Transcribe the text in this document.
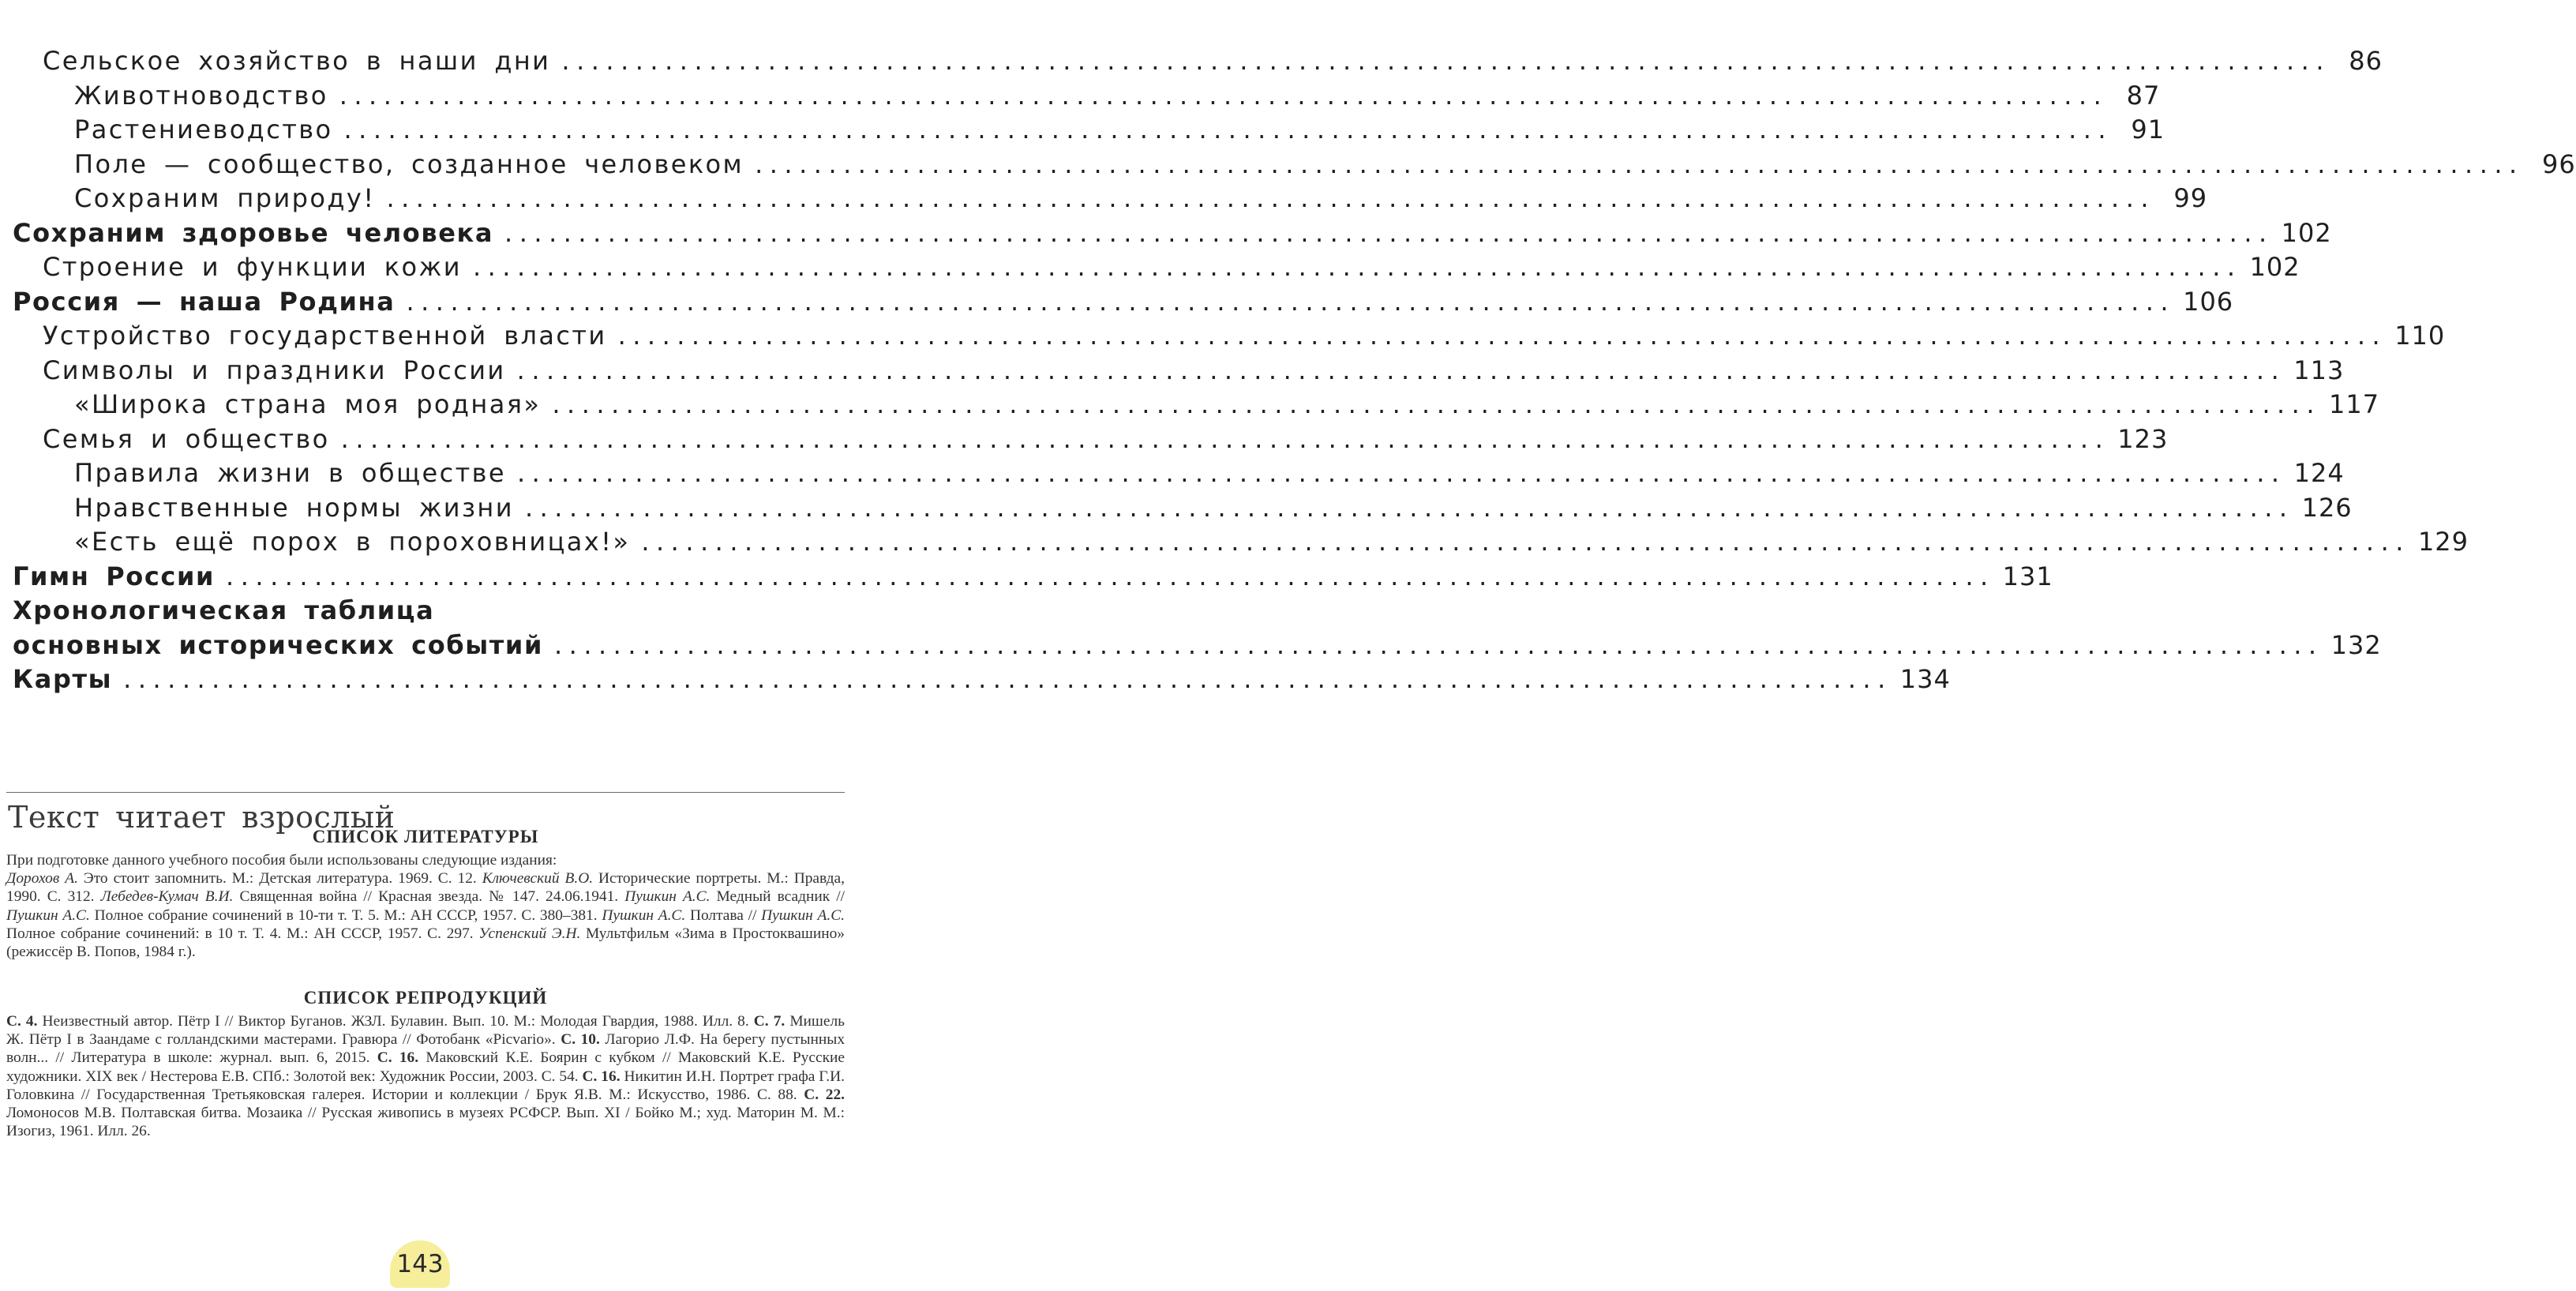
Сельское хозяйство в наши дни ........................................................................................................................ 86
Животноводство ........................................................................................................................ 87
Растениеводство ........................................................................................................................ 91
Поле — сообщество, созданное человеком ........................................................................................................................ 96
Сохраним природу! ........................................................................................................................ 99
Сохраним здоровье человека ........................................................................................................................ 102
Строение и функции кожи ........................................................................................................................ 102
Россия — наша Родина ........................................................................................................................ 106
Устройство государственной власти ........................................................................................................................ 110
Символы и праздники России ........................................................................................................................ 113
«Широка страна моя родная» ........................................................................................................................ 117
Семья и общество ........................................................................................................................ 123
Правила жизни в обществе ........................................................................................................................ 124
Нравственные нормы жизни ........................................................................................................................ 126
«Есть ещё порох в пороховницах!» ........................................................................................................................ 129
Гимн России ........................................................................................................................ 131
Хронологическая таблица
основных исторических событий ........................................................................................................................ 132
Карты ........................................................................................................................ 134
Текст читает взрослый
СПИСОК ЛИТЕРАТУРЫ
При подготовке данного учебного пособия были использованы следующие издания:
Дорохов А. Это стоит запомнить. М.: Детская литература. 1969. С. 12. Ключевский В.О. Исторические портреты. М.: Правда, 1990. С. 312. Лебедев-Кумач В.И. Священная война // Красная звезда. № 147. 24.06.1941. Пушкин А.С. Медный всадник // Пушкин А.С. Полное собрание сочинений в 10-ти т. Т. 5. М.: АН СССР, 1957. С. 380–381. Пушкин А.С. Полтава // Пушкин А.С. Полное собрание сочинений: в 10 т. Т. 4. М.: АН СССР, 1957. С. 297. Успенский Э.Н. Мультфильм «Зима в Простоквашино» (режиссёр В. Попов, 1984 г.).
СПИСОК РЕПРОДУКЦИЙ
С. 4. Неизвестный автор. Пётр I // Виктор Буганов. ЖЗЛ. Булавин. Вып. 10. М.: Молодая Гвардия, 1988. Илл. 8. С. 7. Мишель Ж. Пётр I в Заандаме с голландскими мастерами. Гравюра // Фотобанк «Picvario». С. 10. Лагорио Л.Ф. На берегу пустынных волн... // Литература в школе: журнал. вып. 6, 2015. С. 16. Маковский К.Е. Боярин с кубком // Маковский К.Е. Русские художники. XIX век / Нестерова Е.В. СПб.: Золотой век: Художник России, 2003. С. 54. С. 16. Никитин И.Н. Портрет графа Г.И. Головкина // Государственная Третьяковская галерея. Истории и коллекции / Брук Я.В. М.: Искусство, 1986. С. 88. С. 22. Ломоносов М.В. Полтавская битва. Мозаика // Русская живопись в музеях РСФСР. Вып. XI / Бойко М.; худ. Маторин М. М.: Изогиз, 1961. Илл. 26.
143
